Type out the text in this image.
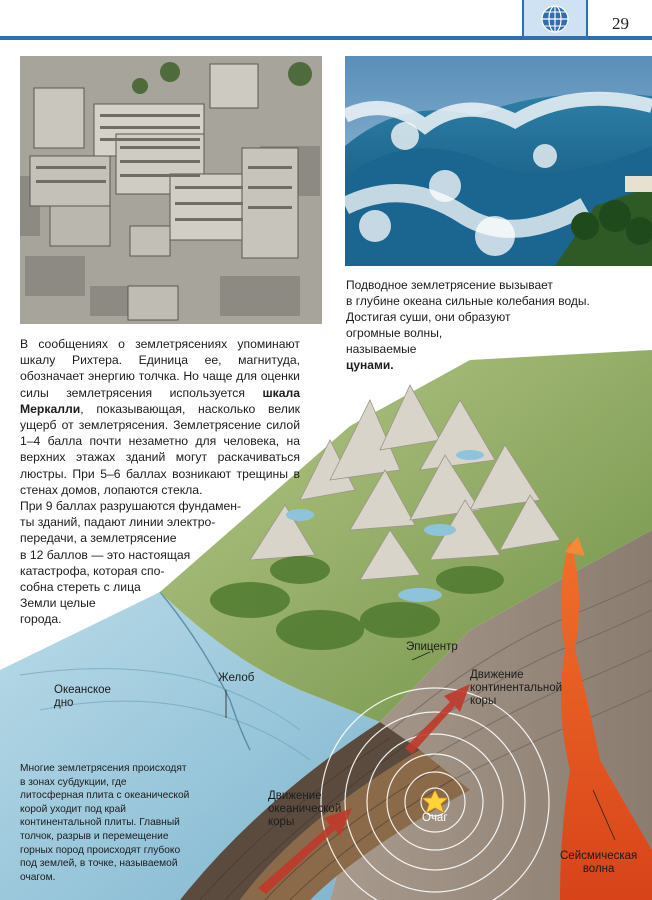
29
Подводное землетрясение вызывает
в глубине океана сильные колебания воды.
Достигая суши, они образуют
огромные волны,
называемые
цунами.
Океанское
дно
Желоб
Эпицентр
Движение
континентальной
коры
Движение
океанической
коры	Очаг
Сейсмическая
волна

В сообщениях о землетрясениях упоминают шкалу Рихтера. Единица ее, магнитуда, обозначает энергию толчка. Но чаще для оценки силы землетрясения используется шкала Меркалли, показывающая, насколько велик ущерб от землетрясения. Землетрясение силой 1–4 балла почти незаметно для человека, на верхних этажах зданий могут раскачиваться люстры. При 5–6 баллах возникают трещины в стенах домов, лопаются стекла.

При 9 баллах разрушаются фундамен-
ты зданий, падают линии электро-
передачи, а землетрясение
в 12 баллов — это настоящая
катастрофа, которая спо-
собна стереть с лица
Земли целые
города.
Многие землетрясения происходят в зонах субдукции, где литосферная плита с океанической корой уходит под край континентальной плиты. Главный толчок, разрыв и перемещение горных пород происходят глубоко под землей, в точке, называемой очагом.
